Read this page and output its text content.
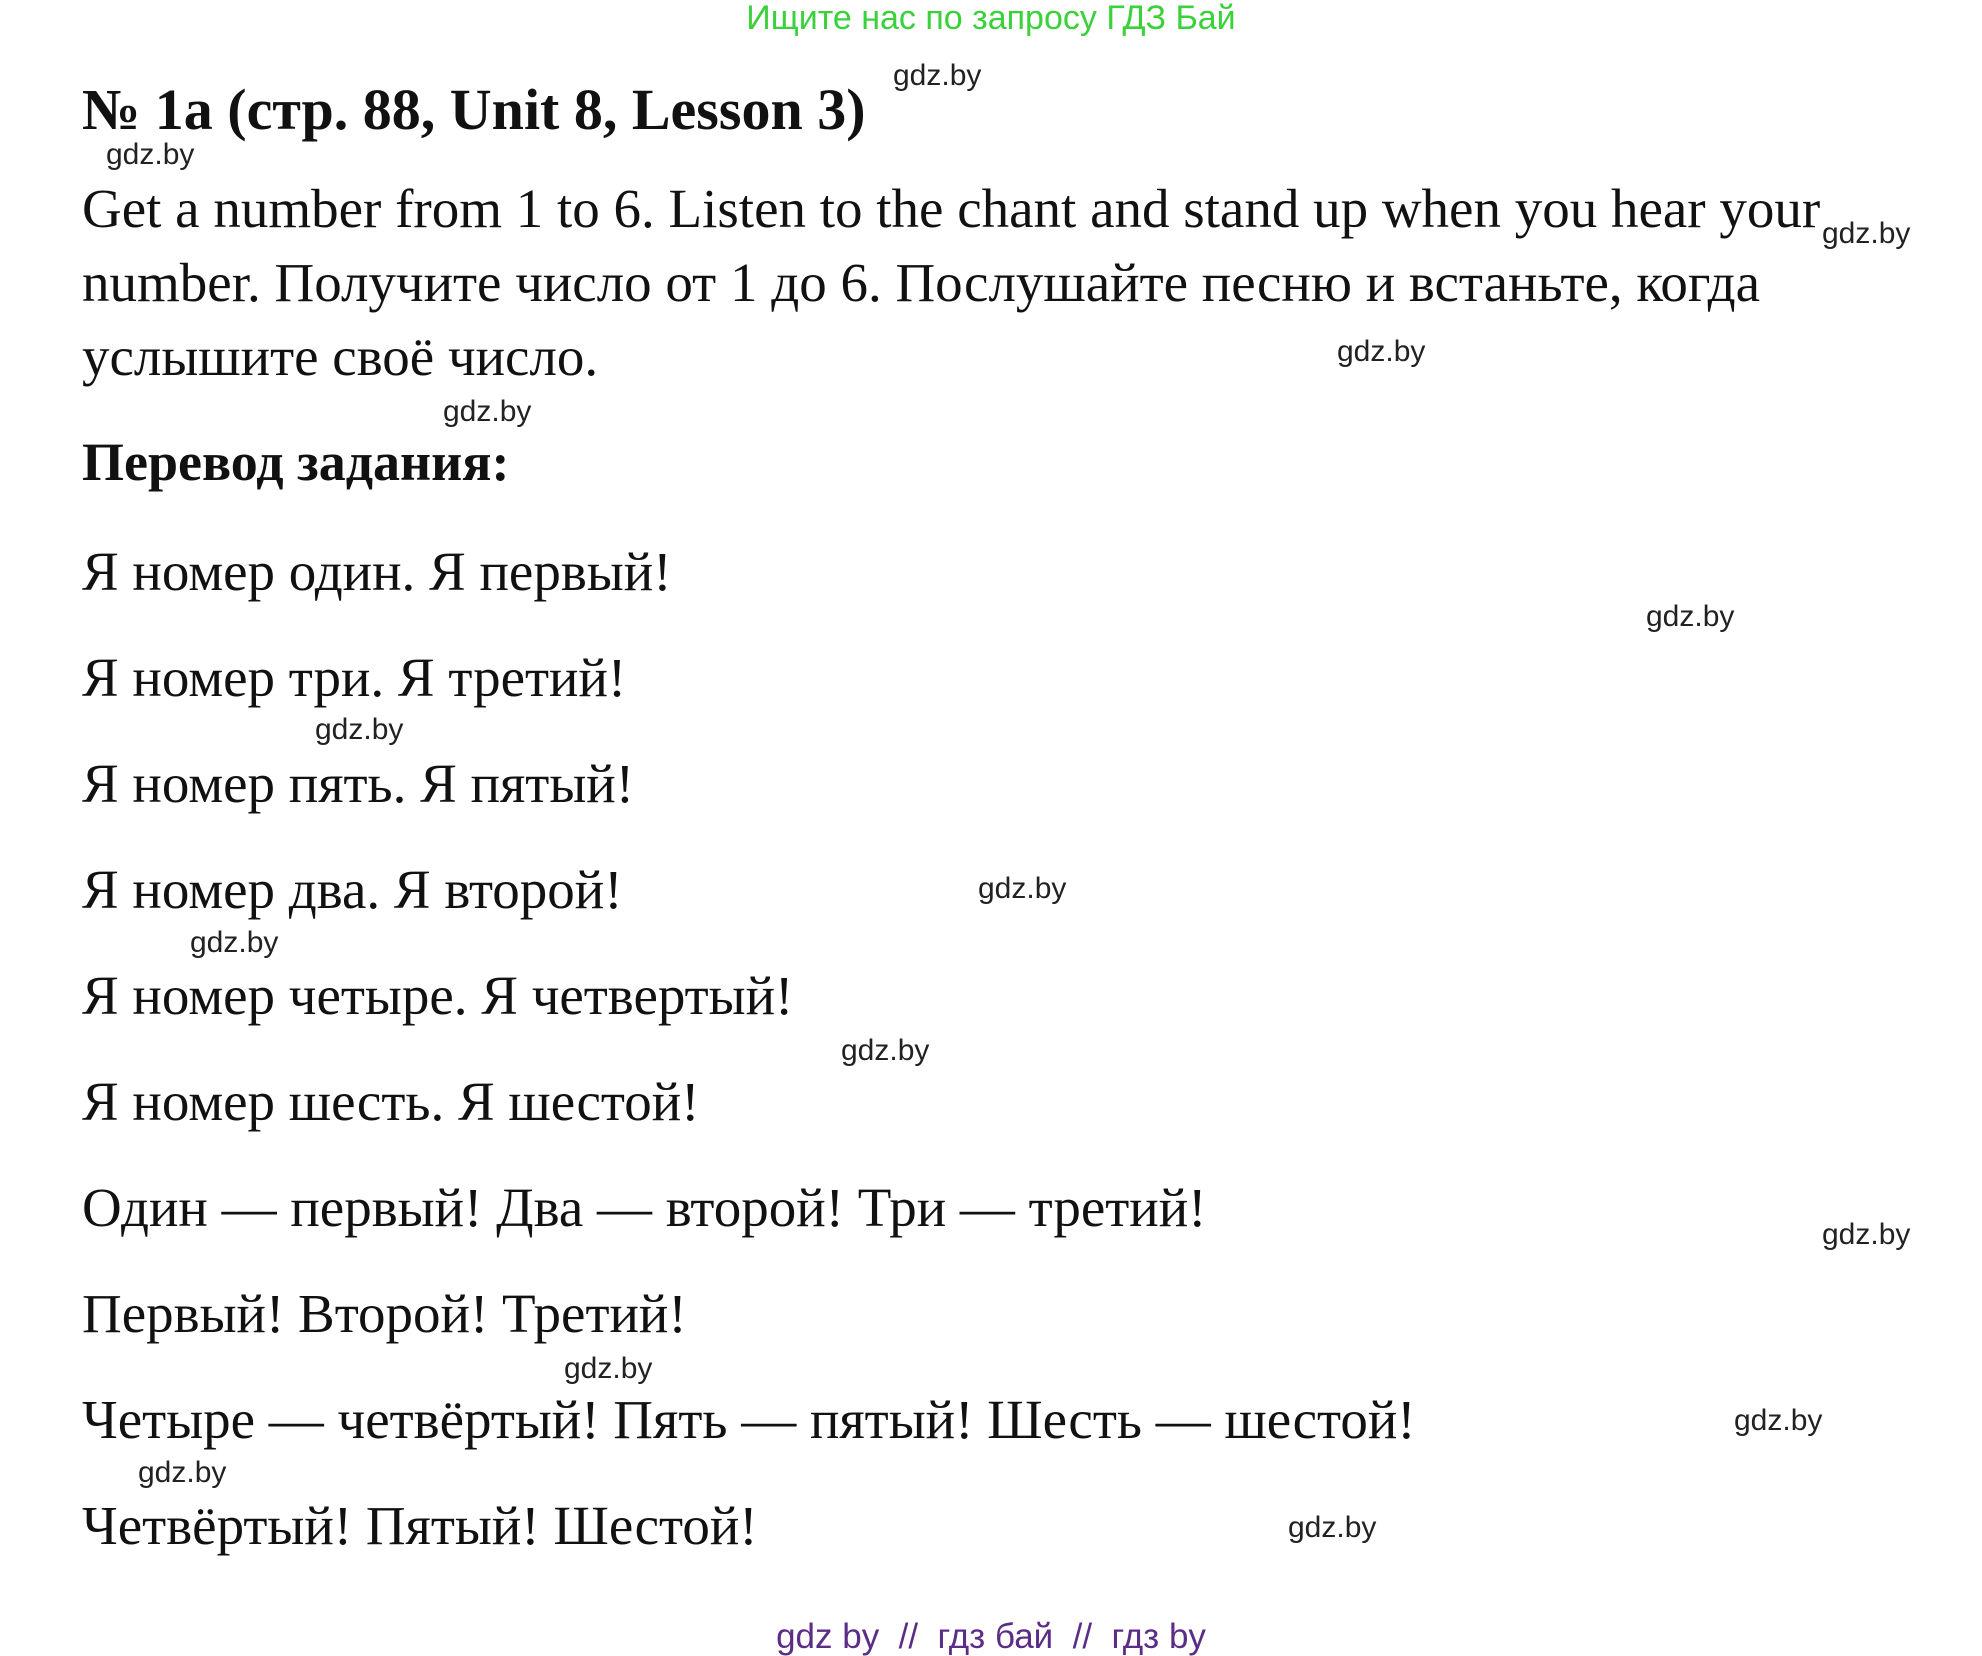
Ищите нас по запросу ГДЗ Бай
№ 1а (стр. 88, Unit 8, Lesson 3)

Get a number from 1 to 6. Listen to the chant and stand up when you hear your number. Получите число от 1 до 6. Послушайте песню и встаньте, когда услышите своё число.

Перевод задания:
Я номер один. Я первый!
Я номер три. Я третий!
Я номер пять. Я пятый!
Я номер два. Я второй!
Я номер четыре. Я четвертый!
Я номер шесть. Я шестой!
Один — первый! Два — второй! Три — третий!
Первый! Второй! Третий!
Четыре — четвёртый! Пять — пятый! Шесть — шестой!
Четвёртый! Пятый! Шестой!
gdz.by
gdz.by
gdz.by
gdz.by
gdz.by
gdz.by
gdz.by
gdz.by
gdz.by
gdz.by
gdz.by
gdz.by
gdz.by
gdz.by
gdz.by
gdz by  //  гдз бай  //  гдз by
